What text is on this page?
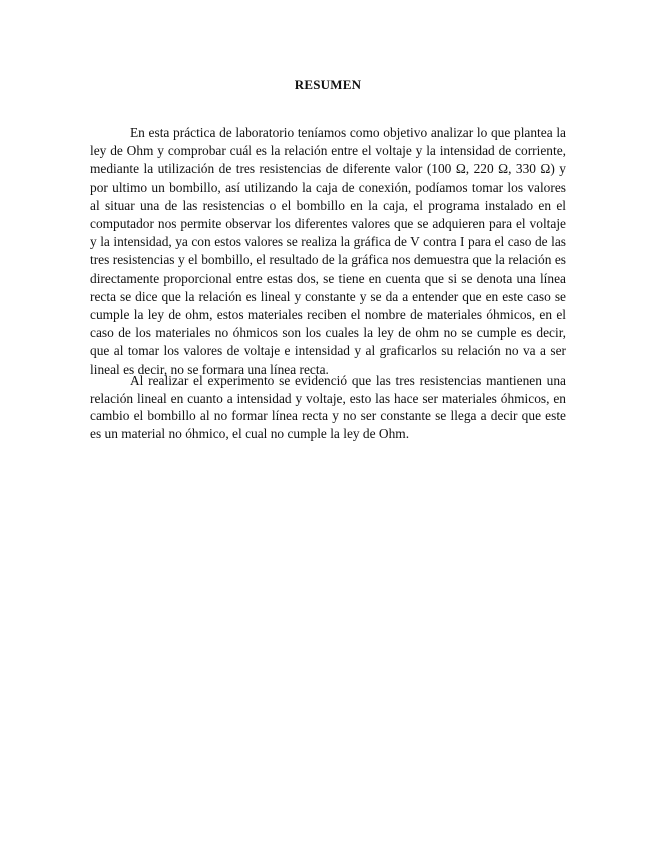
RESUMEN

En esta práctica de laboratorio teníamos como objetivo analizar lo que plantea la ley de Ohm y comprobar cuál es la relación entre el voltaje y la intensidad de corriente, mediante la utilización de tres resistencias de diferente valor (100 Ω, 220 Ω, 330 Ω) y por ultimo un bombillo, así utilizando la caja de conexión, podíamos tomar los valores al situar una de las resistencias o el bombillo en la caja, el programa instalado en el computador nos permite observar los diferentes valores que se adquieren para el voltaje y la intensidad, ya con estos valores se realiza la gráfica de V contra I para el caso de las tres resistencias y el bombillo, el resultado de la gráfica nos demuestra que la relación es directamente proporcional entre estas dos, se tiene en cuenta que si se denota una línea recta se dice que la relación es lineal y constante y se da a entender que en este caso se cumple la ley de ohm, estos materiales reciben el nombre de materiales óhmicos, en el caso de los materiales no óhmicos son los cuales la ley de ohm no se cumple es decir, que al tomar los valores de voltaje e intensidad y al graficarlos su relación no va a ser lineal es decir, no se formara una línea recta.

Al realizar el experimento se evidenció que las tres resistencias mantienen una relación lineal en cuanto a intensidad y voltaje, esto las hace ser materiales óhmicos, en cambio el bombillo al no formar línea recta y no ser constante se llega a decir que este es un material no óhmico, el cual no cumple la ley de Ohm.
